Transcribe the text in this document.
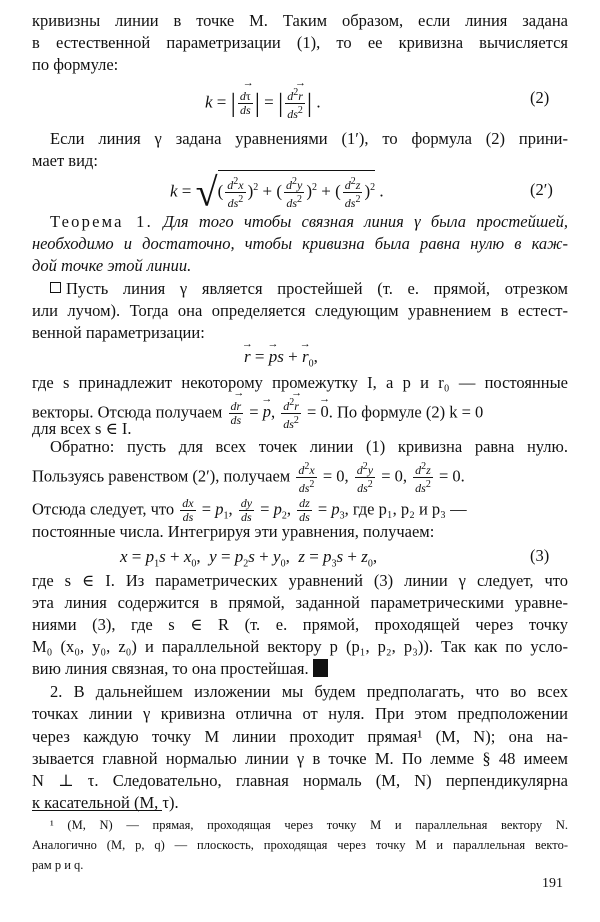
кривизны линии в точке M. Таким образом, если линия задана
в естественной параметризации (1), то ее кривизна вычисляется
по формуле:
k = | $\frac{d\to \tau}{ds}$ | = | $\frac{d^2\to r}{ds^2}$ | .	(2)
Если линия γ задана уравнениями (1′), то формула (2) прини-
мает вид:
k = √( $\frac{d^2x}{ds^2} )^2$ + ( $\frac{d^2y}{ds^2} )^2$ + ( $\frac{d^2z}{ds^2} )^2$ .	(2′)
Теорема 1. Для того чтобы связная линия γ была простейшей,
необходимо и достаточно, чтобы кривизна была равна нулю в каж-
дой точке этой линии.
Пусть линия γ является простейшей (т. е. прямой, отрезком
или лучом). Тогда она определяется следующим уравнением в естест-
венной параметризации:
→ r = → ps + → $r_0$,
где s принадлежит некоторому промежутку I, а p и r₀ — постоянные
векторы. Отсюда получаем $\frac{d\to r}{ds}$ = → p, $\frac{d^2\to r}{ds^2}$ = → 0. По формуле (2) k = 0
для всех s ∈ I.
Обратно: пусть для всех точек линии (1) кривизна равна нулю.
Пользуясь равенством (2′), получаем $\frac{d^2x}{ds^2} = 0$, $\frac{d^2y}{ds^2} = 0$, $\frac{d^2z}{ds^2} = 0$.
Отсюда следует, что $\frac{dx}{ds} = p_1$, $\frac{dy}{ds} = p_2$, $\frac{dz}{ds} = p_3$, где p₁, p₂ и p₃ —
постоянные числа. Интегрируя эти уравнения, получаем:
$x = p_1s + x_0$,  $y = p_2s + y_0$,  $z = p_3s + z_0$,	(3)
где s ∈ I. Из параметрических уравнений (3) линии γ следует, что
эта линия содержится в прямой, заданной параметрическими уравне-
ниями (3), где s ∈ R (т. е. прямой, проходящей через точку
M₀ (x₀, y₀, z₀) и параллельной вектору p (p₁, p₂, p₃)). Так как по усло-
вию линия связная, то она простейшая.
2. В дальнейшем изложении мы будем предполагать, что во всех
точках линии γ кривизна отлична от нуля. При этом предположении
через каждую точку M линии проходит прямая¹ (M, N); она на-
зывается главной нормалью линии γ в точке M. По лемме § 48 имеем
N ⊥ τ. Следовательно, главная нормаль (M, N) перпендикулярна
к касательной (M, τ).
¹ (M, N) — прямая, проходящая через точку M и параллельная вектору N.
Аналогично (M, p, q) — плоскость, проходящая через точку M и параллельная векто-
рам p и q.
191
